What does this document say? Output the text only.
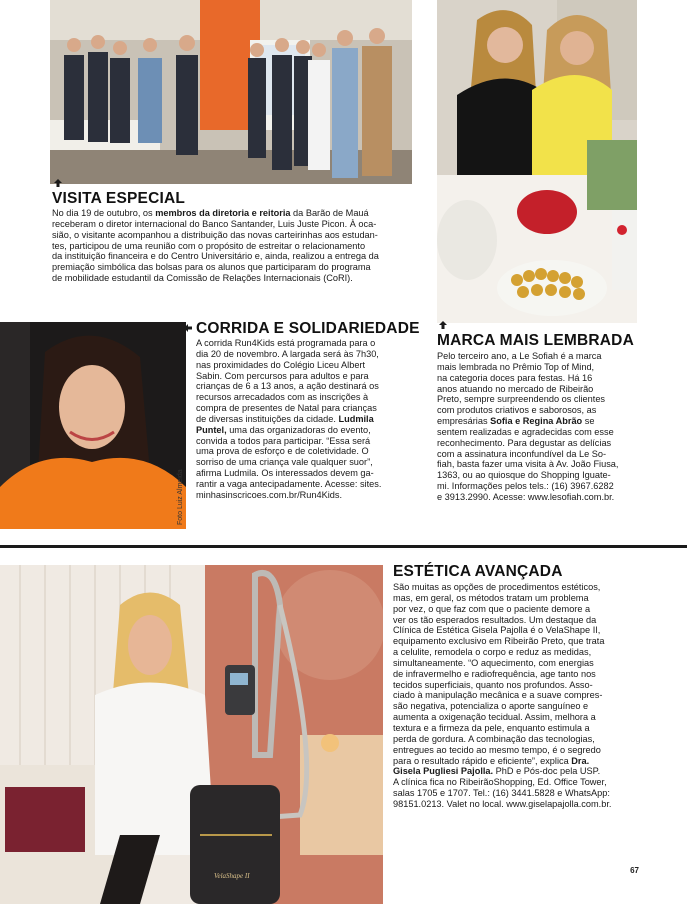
VISITA ESPECIAL
No dia 19 de outubro, os membros da diretoria e reitoria da Barão de Mauá
receberam o diretor internacional do Banco Santander, Luis Juste Picon. À oca-
sião, o visitante acompanhou a distribuição das novas carteirinhas aos estudan-
tes, participou de uma reunião com o propósito de estreitar o relacionamento
da instituição financeira e do Centro Universitário e, ainda, realizou a entrega da
premiação simbólica das bolsas para os alunos que participaram do programa
de mobilidade estudantil da Comissão de Relações Internacionais (CoRI).
Foto Luiz Almeida
CORRIDA E SOLIDARIEDADE
A corrida Run4Kids está programada para o
dia 20 de novembro. A largada será às 7h30,
nas proximidades do Colégio Liceu Albert
Sabin. Com percursos para adultos e para
crianças de 6 a 13 anos, a ação destinará os
recursos arrecadados com as inscrições à
compra de presentes de Natal para crianças
de diversas instituições da cidade. Ludmila
Puntel, uma das organizadoras do evento,
convida a todos para participar. “Essa será
uma prova de esforço e de coletividade. O
sorriso de uma criança vale qualquer suor”,
afirma Ludmila. Os interessados devem ga-
rantir a vaga antecipadamente. Acesse: sites.
minhasinscricoes.com.br/Run4Kids.
MARCA MAIS LEMBRADA
Pelo terceiro ano, a Le Sofiah é a marca
mais lembrada no Prêmio Top of Mind,
na categoria doces para festas. Há 16
anos atuando no mercado de Ribeirão
Preto, sempre surpreendendo os clientes
com produtos criativos e saborosos, as
empresárias Sofia e Regina Abrão se
sentem realizadas e agradecidas com esse
reconhecimento. Para degustar as delícias
com a assinatura inconfundível da Le So-
fiah, basta fazer uma visita à Av. João Fiusa,
1363, ou ao quiosque do Shopping Iguate-
mi. Informações pelos tels.: (16) 3967.6282
e 3913.2990. Acesse: www.lesofiah.com.br.
VelaShape II
ESTÉTICA AVANÇADA
São muitas as opções de procedimentos estéticos,
mas, em geral, os métodos tratam um problema
por vez, o que faz com que o paciente demore a
ver os tão esperados resultados. Um destaque da
Clínica de Estética Gisela Pajolla é o VelaShape II,
equipamento exclusivo em Ribeirão Preto, que trata
a celulite, remodela o corpo e reduz as medidas,
simultaneamente. “O aquecimento, com energias
de infravermelho e radiofrequência, age tanto nos
tecidos superficiais, quanto nos profundos. Asso-
ciado à manipulação mecânica e a suave compres-
são negativa, potencializa o aporte sanguíneo e
aumenta a oxigenação tecidual. Assim, melhora a
textura e a firmeza da pele, enquanto estimula a
perda de gordura. A combinação das tecnologias,
entregues ao tecido ao mesmo tempo, é o segredo
para o resultado rápido e eficiente”, explica Dra.
Gisela Pugliesi Pajolla. PhD e Pós-doc pela USP.
A clínica fica no RibeirãoShopping, Ed. Office Tower,
salas 1705 e 1707. Tel.: (16) 3441.5828 e WhatsApp:
98151.0213. Valet no local. www.giselapajolla.com.br.
67
